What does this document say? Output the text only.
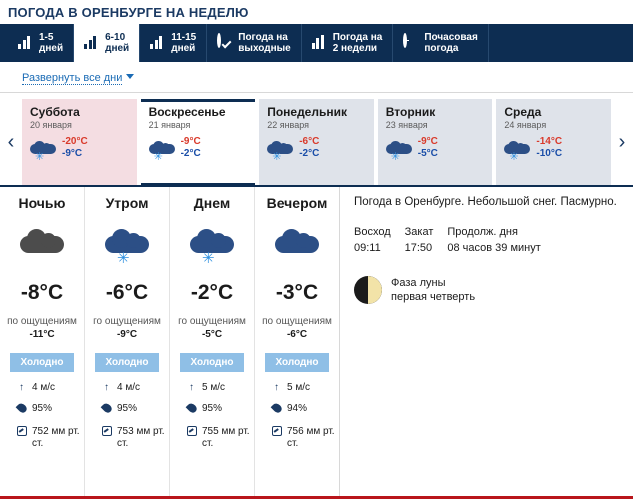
ПОГОДА В ОРЕНБУРГЕ НА НЕДЕЛЮ
1-5
дней
6-10
дней
11-15
дней
Погода на
выходные
Погода на
2 недели
Почасовая
погода
Развернуть все дни
‹
Суббота
20 января
✳
-20°C
-9°C
Воскресенье
21 января
✳
-9°C
-2°C
Понедельник
22 января
✳
-6°C
-2°C
Вторник
23 января
✳
-9°C
-5°C
Среда
24 января
✳
-14°C
-10°C
›
Ночью
-8°C
по ощущениям
-11°C
Холодно
↑ 4 м/с
95%
752 мм рт. ст.
Утром
✳
-6°C
го ощущениям
-9°C
Холодно
↑ 4 м/с
95%
753 мм рт. ст.
Днем
✳
-2°C
го ощущениям
-5°C
Холодно
↑ 5 м/с
95%
755 мм рт. ст.
Вечером
-3°C
по ощущениям
-6°C
Холодно
↑ 5 м/с
94%
756 мм рт. ст.
Погода в Оренбурге. Небольшой снег. Пасмурно.
Восход
09:11
Закат
17:50
Продолж. дня
08 часов 39 минут
Фаза луны
первая четверть
